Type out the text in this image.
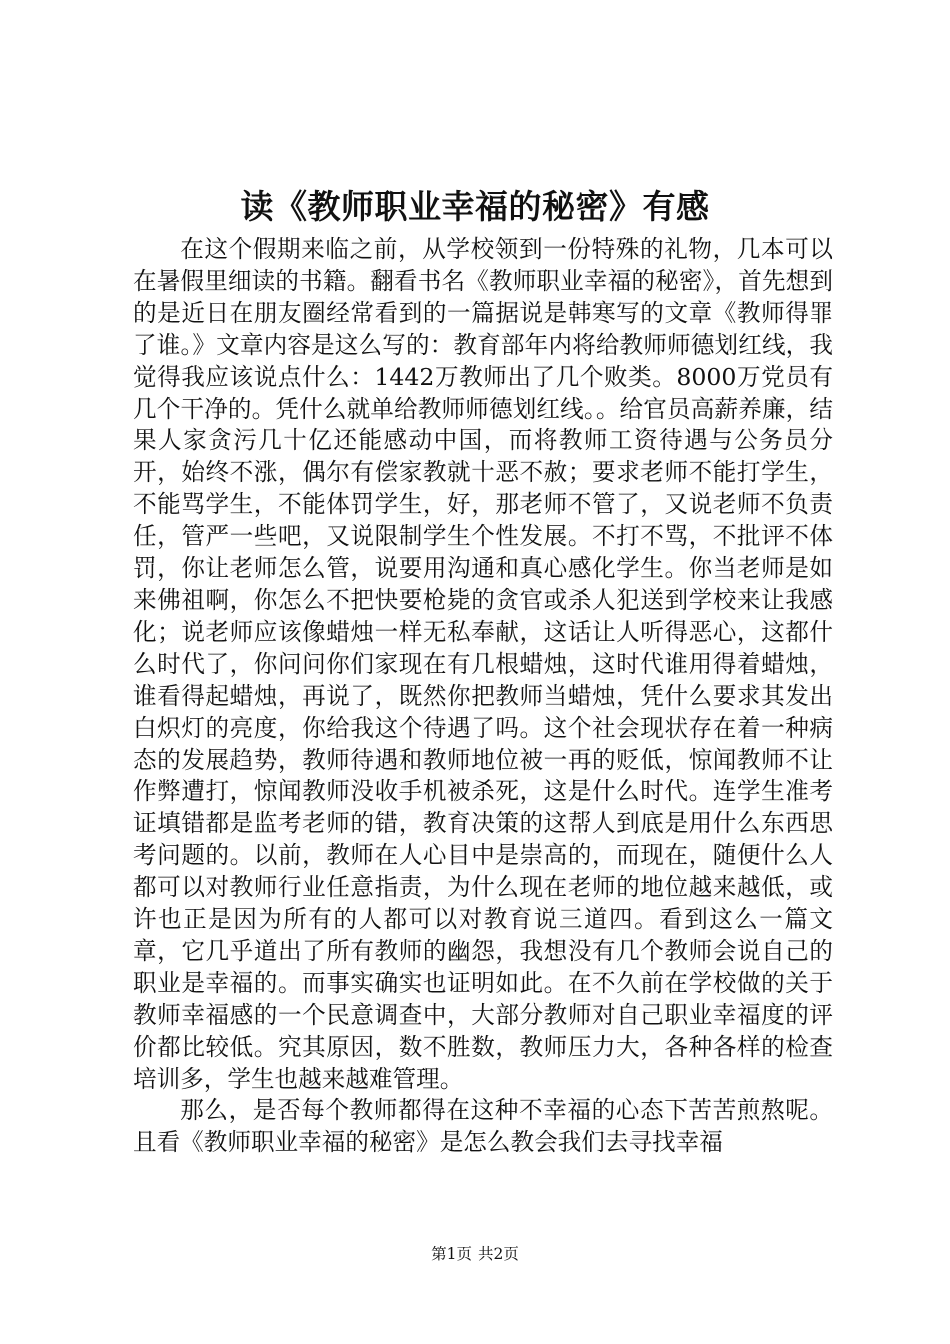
读《教师职业幸福的秘密》有感

在这个假期来临之前，从学校领到一份特殊的礼物，几本可以在暑假里细读的书籍。翻看书名《教师职业幸福的秘密》，首先想到的是近日在朋友圈经常看到的一篇据说是韩寒写的文章《教师得罪了谁。》文章内容是这么写的：教育部年内将给教师师德划红线，我觉得我应该说点什么：1442万教师出了几个败类。8000万党员有几个干净的。凭什么就单给教师师德划红线。。给官员高薪养廉，结果人家贪污几十亿还能感动中国，而将教师工资待遇与公务员分开，始终不涨，偶尔有偿家教就十恶不赦；要求老师不能打学生，不能骂学生，不能体罚学生，好，那老师不管了，又说老师不负责任，管严一些吧，又说限制学生个性发展。不打不骂，不批评不体罚，你让老师怎么管，说要用沟通和真心感化学生。你当老师是如来佛祖啊，你怎么不把快要枪毙的贪官或杀人犯送到学校来让我感化；说老师应该像蜡烛一样无私奉献，这话让人听得恶心，这都什么时代了，你问问你们家现在有几根蜡烛，这时代谁用得着蜡烛，谁看得起蜡烛，再说了，既然你把教师当蜡烛，凭什么要求其发出白炽灯的亮度，你给我这个待遇了吗。这个社会现状存在着一种病态的发展趋势，教师待遇和教师地位被一再的贬低，惊闻教师不让作弊遭打，惊闻教师没收手机被杀死，这是什么时代。连学生准考证填错都是监考老师的错，教育决策的这帮人到底是用什么东西思考问题的。以前，教师在人心目中是崇高的，而现在，随便什么人都可以对教师行业任意指责，为什么现在老师的地位越来越低，或许也正是因为所有的人都可以对教育说三道四。看到这么一篇文章，它几乎道出了所有教师的幽怨，我想没有几个教师会说自己的职业是幸福的。而事实确实也证明如此。在不久前在学校做的关于教师幸福感的一个民意调查中，大部分教师对自己职业幸福度的评价都比较低。究其原因，数不胜数，教师压力大，各种各样的检查培训多，学生也越来越难管理。

那么，是否每个教师都得在这种不幸福的心态下苦苦煎熬呢。且看《教师职业幸福的秘密》是怎么教会我们去寻找幸福

第1页 共2页
